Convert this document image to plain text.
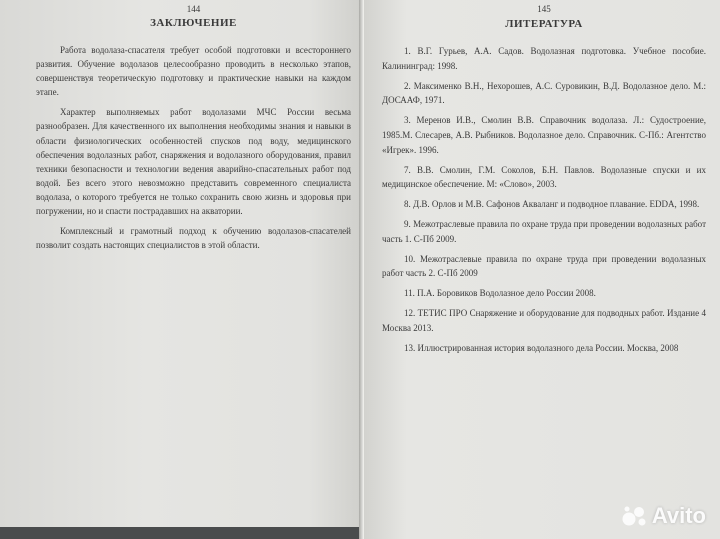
144
ЗАКЛЮЧЕНИЕ

Работа водолаза-спасателя требует особой подготовки и всестороннего развития. Обучение водолазов целесообразно проводить в несколько этапов, совершенствуя теоретическую подготовку и практические навыки на каждом этапе.

Характер выполняемых работ водолазами МЧС России весьма разнообразен. Для качественного их выполнения необходимы знания и навыки в области физиологических особенностей спусков под воду, медицинского обеспечения водолазных работ, снаряжения и водолазного оборудования, правил техники безопасности и технологии ведения аварийно-спасательных работ под водой. Без всего этого невозможно представить современного специалиста водолаза, о которого требуется не только сохранить свою жизнь и здоровья при погружении, но и спасти пострадавших на акватории.

Комплексный и грамотный подход к обучению водолазов-спасателей позволит создать настоящих специалистов в этой области.

145
ЛИТЕРАТУРА
1. В.Г. Гурьев, А.А. Садов. Водолазная подготовка. Учебное пособие. Калининград: 1998.
2. Максименко В.Н., Нехорошев, А.С. Суровикин, В.Д. Водолазное дело. М.: ДОСААФ, 1971.
3. Меренов И.В., Смолин В.В. Справочник водолаза. Л.: Судостроение, 1985.М. Слесарев, А.В. Рыбников. Водолазное дело. Справочник. С-Пб.: Агентство «Игрек». 1996.
7. В.В. Смолин, Г.М. Соколов, Б.Н. Павлов. Водолазные спуски и их медицинское обеспечение. М: «Слово», 2003.
8. Д.В. Орлов и М.В. Сафонов Акваланг и подводное плавание. EDDA, 1998.
9. Межотраслевые правила по охране труда при проведении водолазных работ часть 1. С-Пб 2009.
10. Межотраслевые правила по охране труда при проведении водолазных работ часть 2. С-Пб 2009
11. П.А. Боровиков Водолазное дело России 2008.
12. ТЕТИС ПРО Снаряжение и оборудование для подводных работ. Издание 4 Москва 2013.
13. Иллюстрированная история водолазного дела России. Москва, 2008
Avito
